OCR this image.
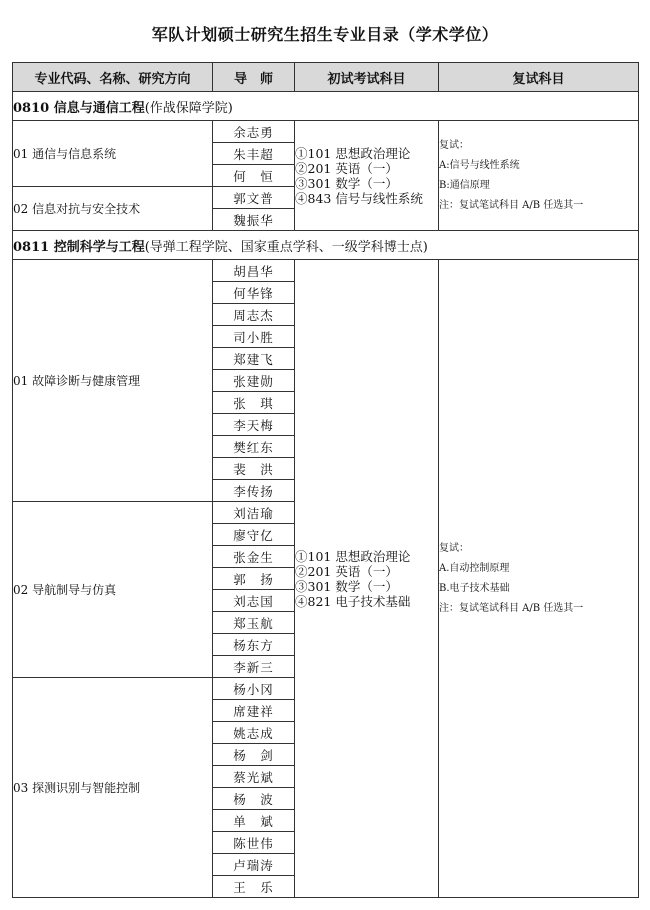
军队计划硕士研究生招生专业目录（学术学位）
专业代码、名称、研究方向	导　师	初试考试科目	复试科目
0810 信息与通信工程(作战保障学院)			
01 通信与信息系统	余志勇	①101 思想政治理论
②201 英语（一）
③301 数学（一）
④843 信号与线性系统	复试：
A:信号与线性系统
B:通信原理
注：复试笔试科目 A/B 任选其一

	朱丰超		
	何　恒		
02 信息对抗与安全技术	郭文普		
	魏振华		
0811 控制科学与工程(导弹工程学院、国家重点学科、一级学科博士点)			
01 故障诊断与健康管理	胡昌华	①101 思想政治理论
②201 英语（一）
③301 数学（一）
④821 电子技术基础	复试：
A.自动控制原理
B.电子技术基础
注：复试笔试科目 A/B 任选其一

	何华锋		
	周志杰		
	司小胜		
	郑建飞		
	张建勋		
	张　琪		
	李天梅		
	樊红东		
	裴　洪		
	李传扬		
02 导航制导与仿真	刘洁瑜		
	廖守亿		
	张金生		
	郭　扬		
	刘志国		
	郑玉航		
	杨东方		
	李新三		
03 探测识别与智能控制	杨小冈		
	席建祥		
	姚志成		
	杨　剑		
	蔡光斌		
	杨　波		
	单　斌		
	陈世伟		
	卢瑞涛		
	王　乐		
